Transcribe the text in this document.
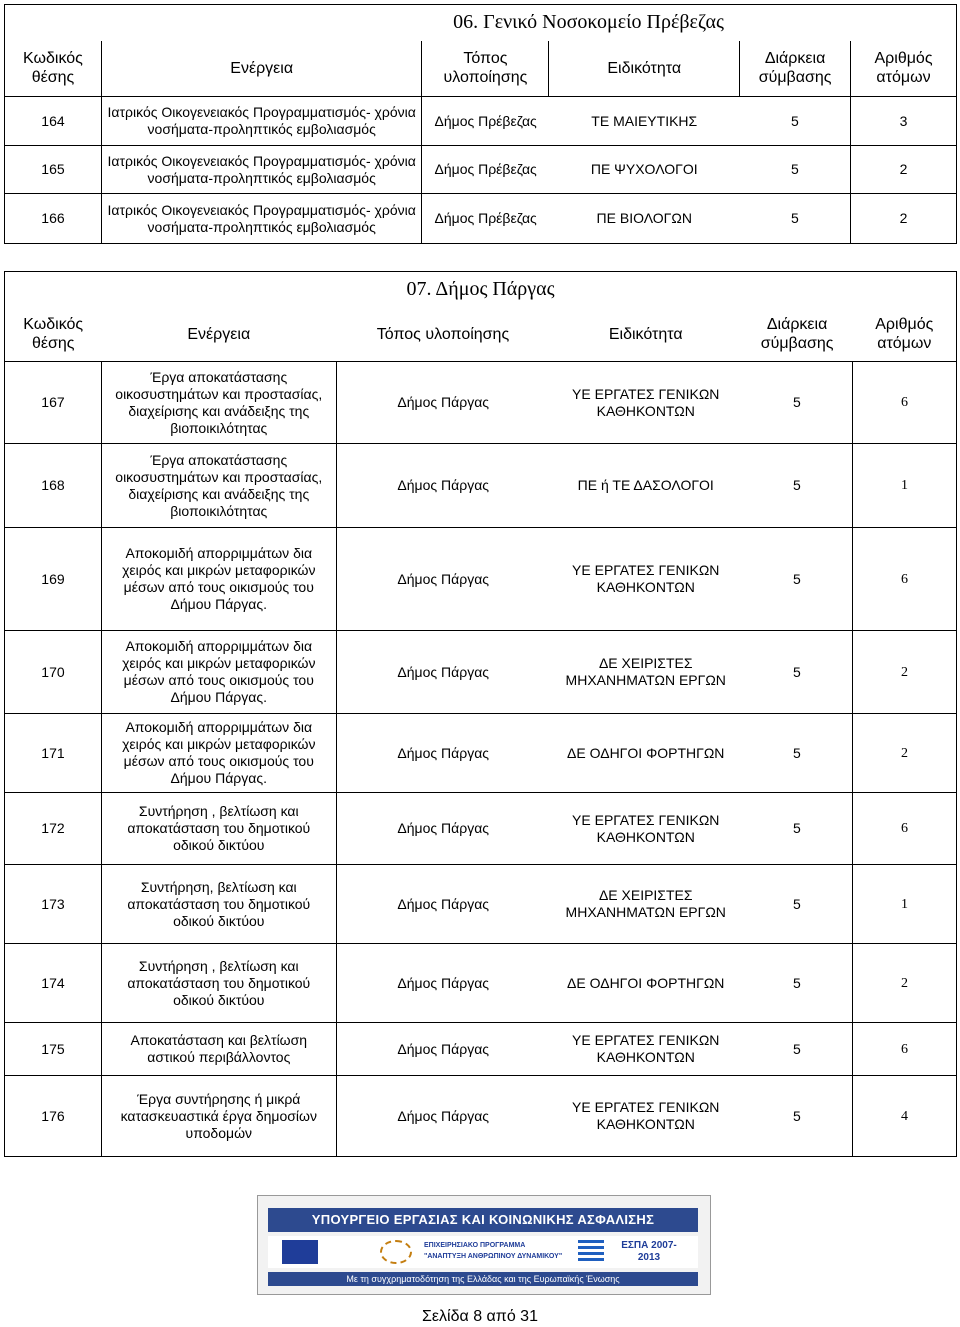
06. Γενικό Νοσοκομείο Πρέβεζας					
Κωδικός θέσης	Ενέργεια	Τόπος υλοποίησης	Ειδικότητα	Διάρκεια σύμβασης	Αριθμός ατόμων
164	Ιατρικός Οικογενειακός Προγραμματισμός- χρόνια νοσήματα-προληπτικός εμβολιασμός	Δήμος Πρέβεζας	ΤΕ ΜΑΙΕΥΤΙΚΗΣ	5	3
165	Ιατρικός Οικογενειακός Προγραμματισμός- χρόνια νοσήματα-προληπτικός εμβολιασμός	Δήμος Πρέβεζας	ΠΕ ΨΥΧΟΛΟΓΟΙ	5	2
166	Ιατρικός Οικογενειακός Προγραμματισμός- χρόνια νοσήματα-προληπτικός εμβολιασμός	Δήμος Πρέβεζας	ΠΕ ΒΙΟΛΟΓΩΝ	5	2
07. Δήμος Πάργας					
Κωδικός θέσης	Ενέργεια	Τόπος υλοποίησης	Ειδικότητα	Διάρκεια σύμβασης	Αριθμός ατόμων
167	Έργα αποκατάστασης οικοσυστημάτων και προστασίας, διαχείρισης και ανάδειξης της βιοποικιλότητας	Δήμος Πάργας	ΥΕ ΕΡΓΑΤΕΣ ΓΕΝΙΚΩΝ ΚΑΘΗΚΟΝΤΩΝ	5	6
168	Έργα αποκατάστασης οικοσυστημάτων και προστασίας, διαχείρισης και ανάδειξης της βιοποικιλότητας	Δήμος Πάργας	ΠΕ ή ΤΕ ΔΑΣΟΛΟΓΟΙ	5	1
169	Αποκομιδή απορριμμάτων δια χειρός και μικρών μεταφορικών μέσων από τους οικισμούς του Δήμου Πάργας.	Δήμος Πάργας	ΥΕ ΕΡΓΑΤΕΣ ΓΕΝΙΚΩΝ ΚΑΘΗΚΟΝΤΩΝ	5	6
170	Αποκομιδή απορριμμάτων δια χειρός και μικρών μεταφορικών μέσων από τους οικισμούς του Δήμου Πάργας.	Δήμος Πάργας	ΔΕ ΧΕΙΡΙΣΤΕΣ ΜΗΧΑΝΗΜΑΤΩΝ ΕΡΓΩΝ	5	2
171	Αποκομιδή απορριμμάτων δια χειρός και μικρών μεταφορικών μέσων από τους οικισμούς του Δήμου Πάργας.	Δήμος Πάργας	ΔΕ ΟΔΗΓΟΙ ΦΟΡΤΗΓΩΝ	5	2
172	Συντήρηση , βελτίωση και αποκατάσταση του δημοτικού οδικού δικτύου	Δήμος Πάργας	ΥΕ ΕΡΓΑΤΕΣ ΓΕΝΙΚΩΝ ΚΑΘΗΚΟΝΤΩΝ	5	6
173	Συντήρηση, βελτίωση και αποκατάσταση του δημοτικού οδικού δικτύου	Δήμος Πάργας	ΔΕ ΧΕΙΡΙΣΤΕΣ ΜΗΧΑΝΗΜΑΤΩΝ ΕΡΓΩΝ	5	1
174	Συντήρηση , βελτίωση και αποκατάσταση του δημοτικού οδικού δικτύου	Δήμος Πάργας	ΔΕ ΟΔΗΓΟΙ ΦΟΡΤΗΓΩΝ	5	2
175	Αποκατάσταση και βελτίωση αστικού περιβάλλοντος	Δήμος Πάργας	ΥΕ ΕΡΓΑΤΕΣ ΓΕΝΙΚΩΝ ΚΑΘΗΚΟΝΤΩΝ	5	6
176	Έργα συντήρησης ή μικρά κατασκευαστικά έργα δημοσίων υποδομών	Δήμος Πάργας	ΥΕ ΕΡΓΑΤΕΣ ΓΕΝΙΚΩΝ ΚΑΘΗΚΟΝΤΩΝ	5	4
ΥΠΟΥΡΓΕΙΟ ΕΡΓΑΣΙΑΣ ΚΑΙ ΚΟΙΝΩΝΙΚΗΣ ΑΣΦΑΛΙΣΗΣ
ΕΠΙΧΕΙΡΗΣΙΑΚΟ ΠΡΟΓΡΑΜΜΑ "ΑΝΑΠΤΥΞΗ ΑΝΘΡΩΠΙΝΟΥ ΔΥΝΑΜΙΚΟΥ"
ΕΣΠΑ 2007-2013
Με τη συγχρηματοδότηση της Ελλάδας και της Ευρωπαϊκής Ένωσης
Σελίδα 8 από 31
